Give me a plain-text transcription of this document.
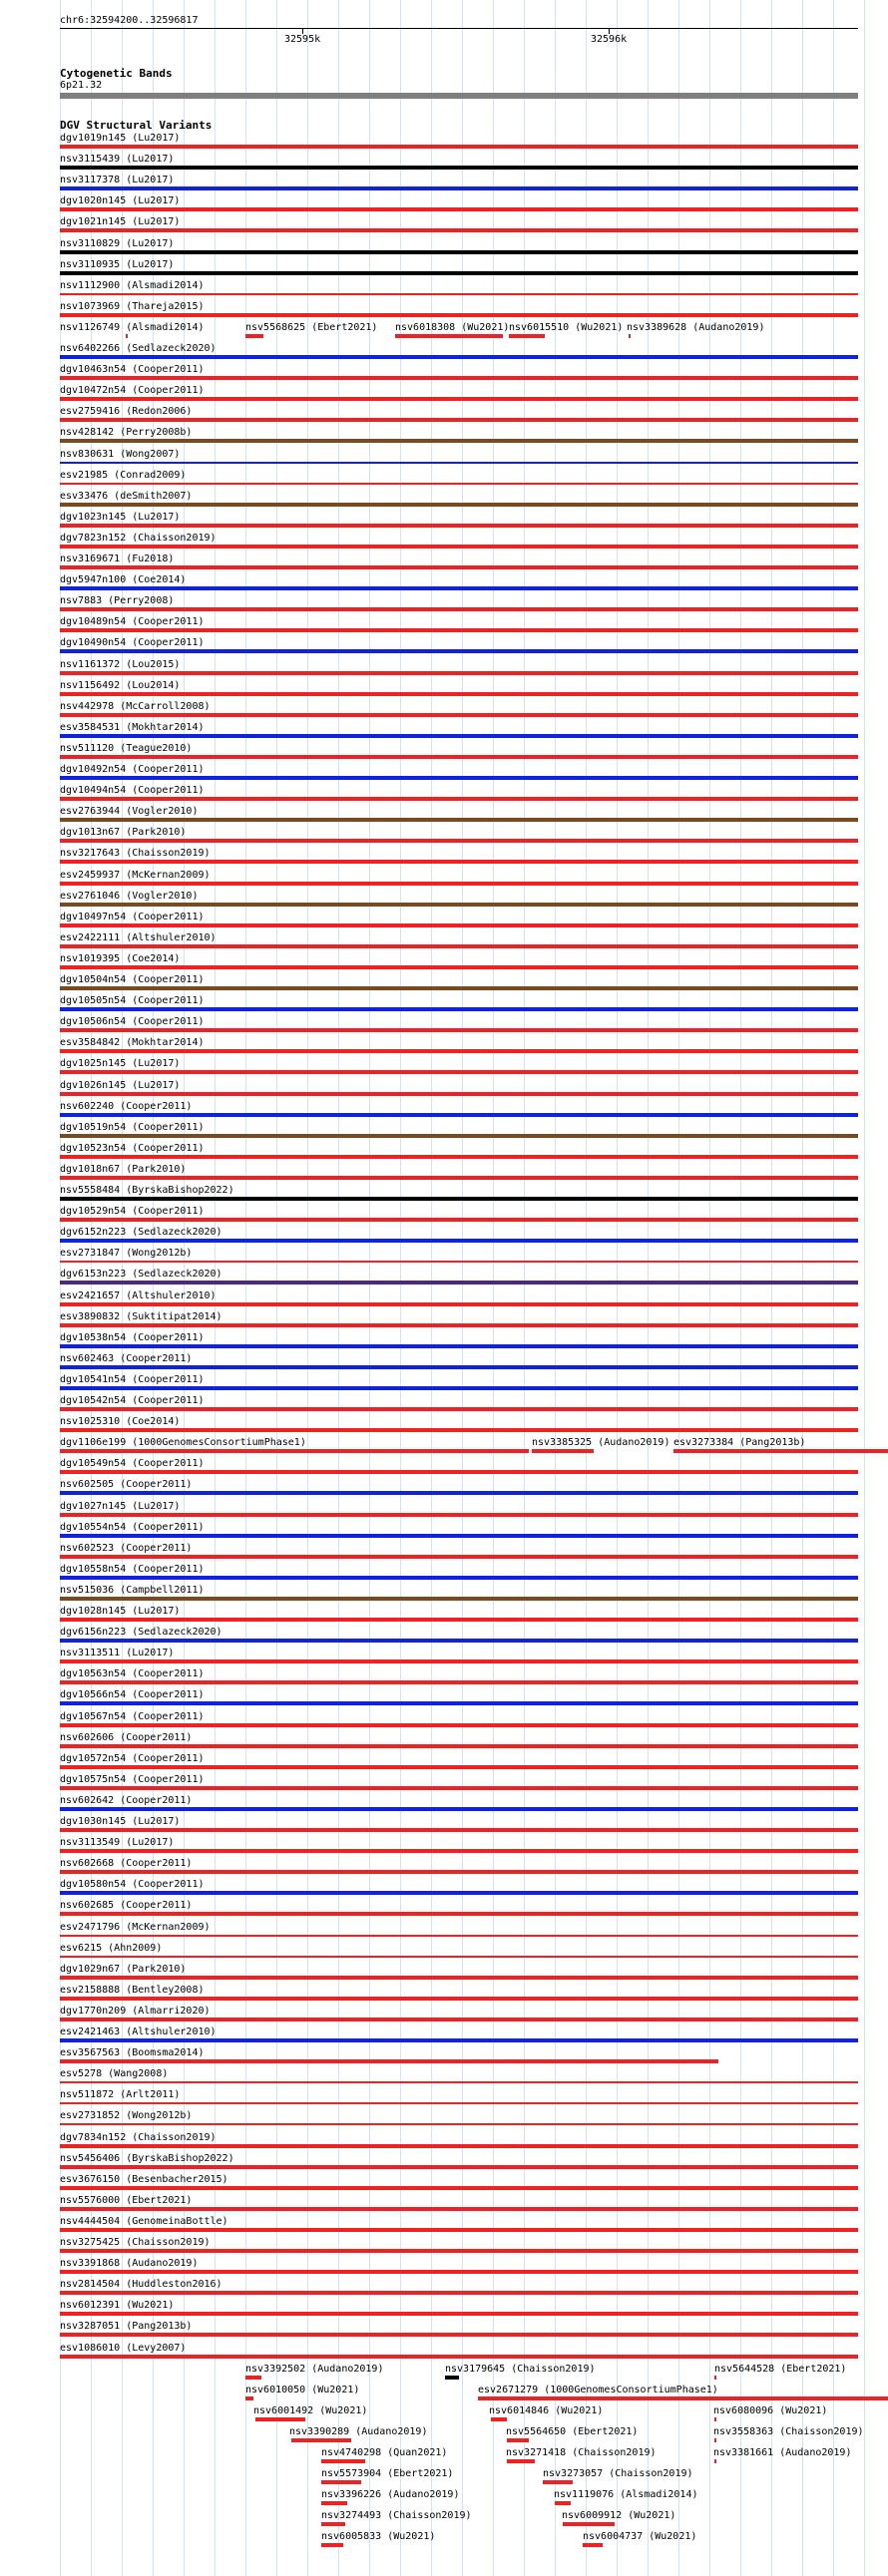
chr6:32594200..32596817
32595k	32596k
Cytogenetic Bands
6p21.32
DGV Structural Variants
dgv1019n145 (Lu2017)
nsv3115439 (Lu2017)
nsv3117378 (Lu2017)
dgv1020n145 (Lu2017)
dgv1021n145 (Lu2017)
nsv3110829 (Lu2017)
nsv3110935 (Lu2017)
nsv1112900 (Alsmadi2014)
nsv1073969 (Thareja2015)
nsv1126749 (Alsmadi2014)	nsv5568625 (Ebert2021) nsv6018308 (Wu2021) nsv6015510 (Wu2021) nsv3389628 (Audano2019)
nsv6402266 (Sedlazeck2020)
dgv10463n54 (Cooper2011)
dgv10472n54 (Cooper2011)
esv2759416 (Redon2006)
nsv428142 (Perry2008b)
nsv830631 (Wong2007)
esv21985 (Conrad2009)
esv33476 (deSmith2007)
dgv1023n145 (Lu2017)
dgv7823n152 (Chaisson2019)
nsv3169671 (Fu2018)
dgv5947n100 (Coe2014)
nsv7883 (Perry2008)
dgv10489n54 (Cooper2011)
dgv10490n54 (Cooper2011)
nsv1161372 (Lou2015)
nsv1156492 (Lou2014)
nsv442978 (McCarroll2008)
esv3584531 (Mokhtar2014)
nsv511120 (Teague2010)
dgv10492n54 (Cooper2011)
dgv10494n54 (Cooper2011)
esv2763944 (Vogler2010)
dgv1013n67 (Park2010)
nsv3217643 (Chaisson2019)
esv2459937 (McKernan2009)
esv2761046 (Vogler2010)
dgv10497n54 (Cooper2011)
esv2422111 (Altshuler2010)
nsv1019395 (Coe2014)
dgv10504n54 (Cooper2011)
dgv10505n54 (Cooper2011)
dgv10506n54 (Cooper2011)
esv3584842 (Mokhtar2014)
dgv1025n145 (Lu2017)
dgv1026n145 (Lu2017)
nsv602240 (Cooper2011)
dgv10519n54 (Cooper2011)
dgv10523n54 (Cooper2011)
dgv1018n67 (Park2010)
nsv5558484 (ByrskaBishop2022)
dgv10529n54 (Cooper2011)
dgv6152n223 (Sedlazeck2020)
esv2731847 (Wong2012b)
dgv6153n223 (Sedlazeck2020)
esv2421657 (Altshuler2010)
esv3890832 (Suktitipat2014)
dgv10538n54 (Cooper2011)
nsv602463 (Cooper2011)
dgv10541n54 (Cooper2011)
dgv10542n54 (Cooper2011)
nsv1025310 (Coe2014)
dgv1106e199 (1000GenomesConsortiumPhase1)	nsv3385325 (Audano2019) esv3273384 (Pang2013b)
dgv10549n54 (Cooper2011)
nsv602505 (Cooper2011)
dgv1027n145 (Lu2017)
dgv10554n54 (Cooper2011)
nsv602523 (Cooper2011)
dgv10558n54 (Cooper2011)
nsv515036 (Campbell2011)
dgv1028n145 (Lu2017)
dgv6156n223 (Sedlazeck2020)
nsv3113511 (Lu2017)
dgv10563n54 (Cooper2011)
dgv10566n54 (Cooper2011)
dgv10567n54 (Cooper2011)
nsv602606 (Cooper2011)
dgv10572n54 (Cooper2011)
dgv10575n54 (Cooper2011)
nsv602642 (Cooper2011)
dgv1030n145 (Lu2017)
nsv3113549 (Lu2017)
nsv602668 (Cooper2011)
dgv10580n54 (Cooper2011)
nsv602685 (Cooper2011)
esv2471796 (McKernan2009)
esv6215 (Ahn2009)
dgv1029n67 (Park2010)
esv2158888 (Bentley2008)
dgv1770n209 (Almarri2020)
esv2421463 (Altshuler2010)
esv3567563 (Boomsma2014)
esv5278 (Wang2008)
nsv511872 (Arlt2011)
esv2731852 (Wong2012b)
dgv7834n152 (Chaisson2019)
nsv5456406 (ByrskaBishop2022)
esv3676150 (Besenbacher2015)
nsv5576000 (Ebert2021)
nsv4444504 (GenomeinaBottle)
nsv3275425 (Chaisson2019)
nsv3391868 (Audano2019)
nsv2814504 (Huddleston2016)
nsv6012391 (Wu2021)
nsv3287051 (Pang2013b)
esv1086010 (Levy2007)
nsv3392502 (Audano2019)	nsv3179645 (Chaisson2019)	nsv5644528 (Ebert2021)
nsv6010050 (Wu2021)	esv2671279 (1000GenomesConsortiumPhase1)
nsv6001492 (Wu2021)	nsv6014846 (Wu2021)	nsv6080096 (Wu2021)
nsv3390289 (Audano2019)	nsv5564650 (Ebert2021)	nsv3558363 (Chaisson2019)
nsv4740298 (Quan2021)	nsv3271418 (Chaisson2019)	nsv3381661 (Audano2019)
nsv5573904 (Ebert2021)	nsv3273057 (Chaisson2019)
nsv3396226 (Audano2019)	nsv1119076 (Alsmadi2014)
nsv3274493 (Chaisson2019)	nsv6009912 (Wu2021)
nsv6005833 (Wu2021)	nsv6004737 (Wu2021)
